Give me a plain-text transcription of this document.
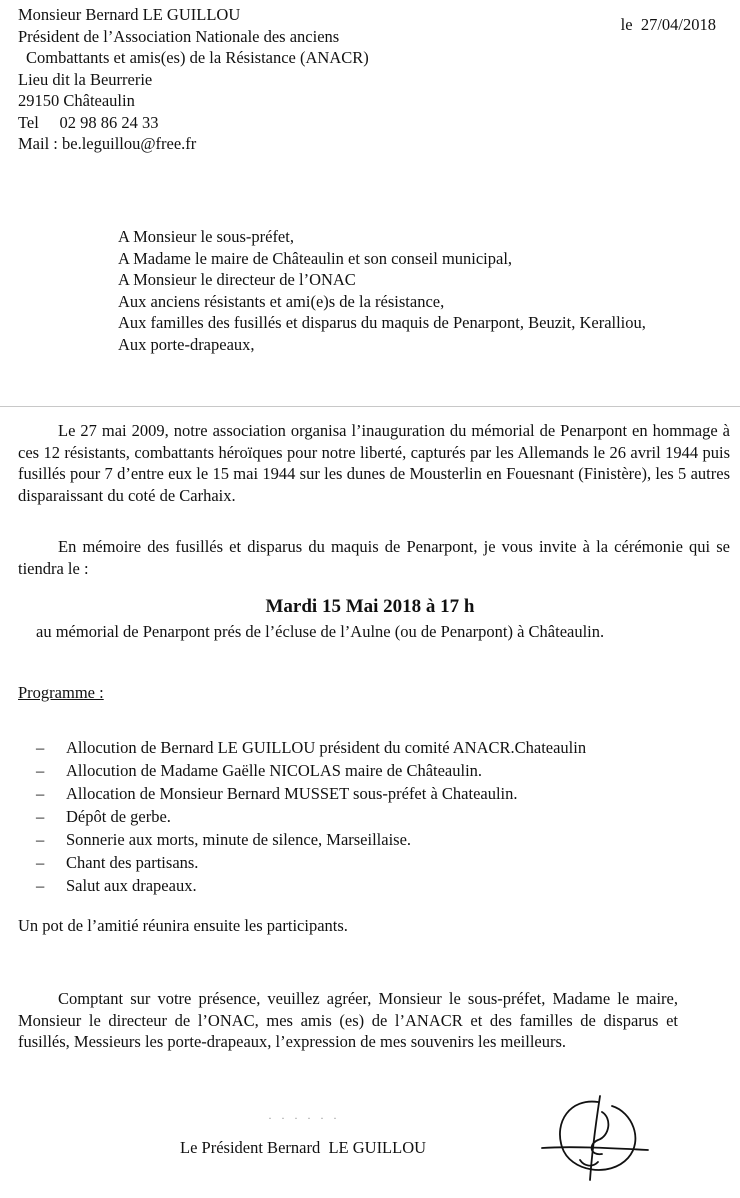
Monsieur Bernard LE GUILLOU
Président de l’Association Nationale des anciens
Combattants et amis(es) de la Résistance (ANACR)
Lieu dit la Beurrerie
29150 Châteaulin
Tel     02 98 86 24 33
Mail : be.leguillou@free.fr
le  27/04/2018
A Monsieur le sous-préfet,
A Madame le maire de Châteaulin et son conseil municipal,
A Monsieur le directeur de l’ONAC
Aux anciens résistants et ami(e)s de la résistance,
Aux familles des fusillés et disparus du maquis de Penarpont, Beuzit, Keralliou,
Aux porte-drapeaux,
Le 27 mai 2009, notre association organisa l’inauguration du mémorial de Penarpont en hommage à ces 12 résistants, combattants héroïques pour notre liberté, capturés par les Allemands le 26 avril 1944 puis fusillés pour 7 d’entre eux le 15 mai 1944 sur les dunes de Mousterlin en Fouesnant (Finistère), les 5 autres disparaissant du coté de Carhaix.
En mémoire des fusillés et disparus du maquis de Penarpont, je vous invite à la cérémonie qui se tiendra le :
Mardi 15 Mai 2018 à 17 h
au mémorial de Penarpont prés de l’écluse de l’Aulne (ou de Penarpont) à Châteaulin.
Programme :
– Allocution de Bernard LE GUILLOU président du comité ANACR.Chateaulin
– Allocution de Madame Gaëlle NICOLAS maire de Châteaulin.
– Allocation de Monsieur Bernard MUSSET sous-préfet à Chateaulin.
– Dépôt de gerbe.
– Sonnerie aux morts, minute de silence, Marseillaise.
– Chant des partisans.
– Salut aux drapeaux.
Un pot de l’amitié réunira ensuite les participants.
Comptant sur votre présence, veuillez agréer, Monsieur le sous-préfet, Madame le maire, Monsieur le directeur de l’ONAC, mes amis (es) de l’ANACR et des familles de disparus et fusillés, Messieurs les porte-drapeaux, l’expression de mes souvenirs les meilleurs.
· · · · · ·
Le Président Bernard  LE GUILLOU
